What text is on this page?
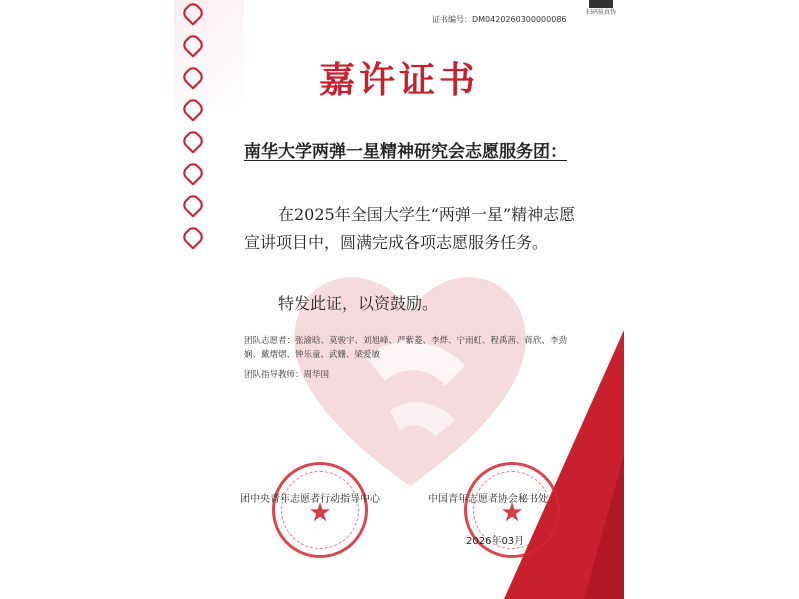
扫码验真伪
证书编号：DM0420260300000086
嘉许证书
南华大学两弹一星精神研究会志愿服务团：
在2025年全国大学生“两弹一星”精神志愿宣讲项目中，圆满完成各项志愿服务任务。
特发此证，以资鼓励。
团队志愿者：张渝晗、莫骏宇、刘旭峰、严紫菱、李烨、宁雨虹、程禹茜、蒋欣、李劲娴、戴熠熠、钟乐童、武姗、梁爱敏
团队指导教师：周华国
★	★
团中央青年志愿者行动指导中心	中国青年志愿者协会秘书处
2026年03月
